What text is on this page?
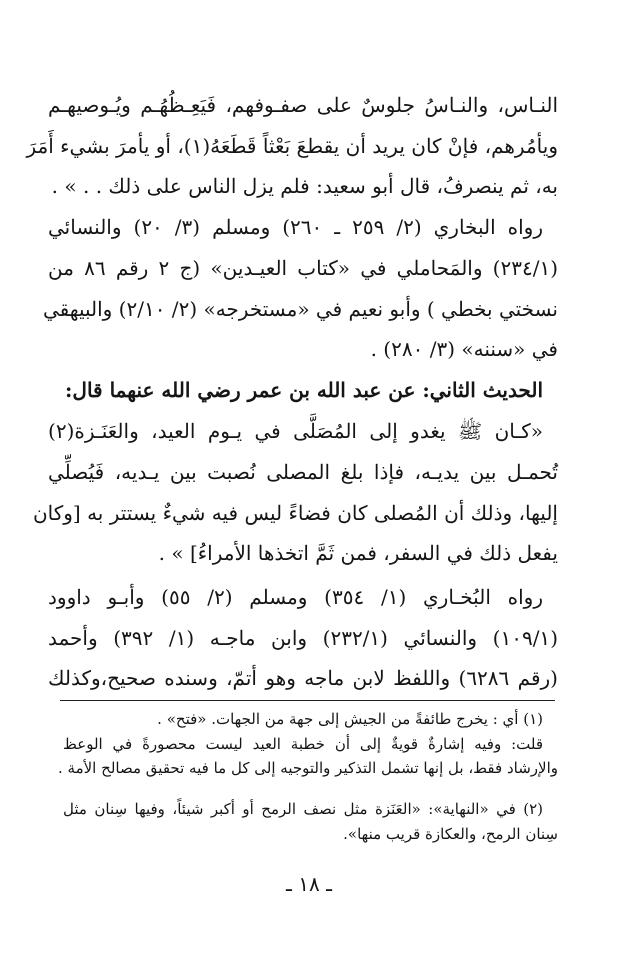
النـاس، والنـاسُ جلوسٌ على صفـوفهم، فَيَعِـظُهُـم ويُـوصيهـم
ويأمُرهم، فإنْ كان يريد أن يقطعَ بَعْثاً قَطَعَهُ(١)، أو يأمرَ بشيء أَمَرَ
به، ثم ينصرفُ، قال أبو سعيد: فلم يزل الناس على ذلك . . » .
رواه البخاري (٢/ ٢٥٩ ـ ٢٦٠) ومسلم (٣/ ٢٠) والنسائي
(٢٣٤/١) والمَحاملي في «كتاب العيـدين» (ج ٢ رقم ٨٦ من
نسختي بخطي ) وأبو نعيم في «مستخرجه» (٢/ ٢/١٠) والبيهقي
في «سننه» (٣/ ٢٨٠) .
الحديث الثاني: عن عبد الله بن عمر رضي الله عنهما قال:
«كـان ﷺ يغدو إلى المُصَلَّى في يـوم العيد، والعَنَـزة(٢)
تُحمـل بين يديـه، فإذا بلغ المصلى نُصبت بين يـديه، فَيُصلِّي
إليها، وذلك أن المُصلى كان فضاءً ليس فيه شيءٌ يستتر به [وكان
يفعل ذلك في السفر، فمن ثَمَّ اتخذها الأمراءُ] » .
رواه البُخـاري (١/ ٣٥٤) ومسلم (٢/ ٥٥) وأبـو داوود
(١٠٩/١) والنسائي (٢٣٢/١) وابن ماجـه (١/ ٣٩٢) وأحمد
(رقم ٦٢٨٦) واللفظ لابن ماجه وهو أتمّ، وسنده صحيح،وكذلك
(١) أي : يخرج طائفةً من الجيش إلى جهة من الجهات. «فتح» .
قلت: وفيه إشارةٌ قويةٌ إلى أن خطبة العيد ليست محصورةً في الوعظ
والإرشاد فقط، بل إنها تشمل التذكير والتوجيه إلى كل ما فيه تحقيق مصالح الأمة .
(٢) في «النهاية»: «العَنَزة مثل نصف الرمح أو أكبر شيئاً، وفيها سِنان مثل
سِنان الرمح، والعكازة قريب منها».
ـ ١٨ ـ
